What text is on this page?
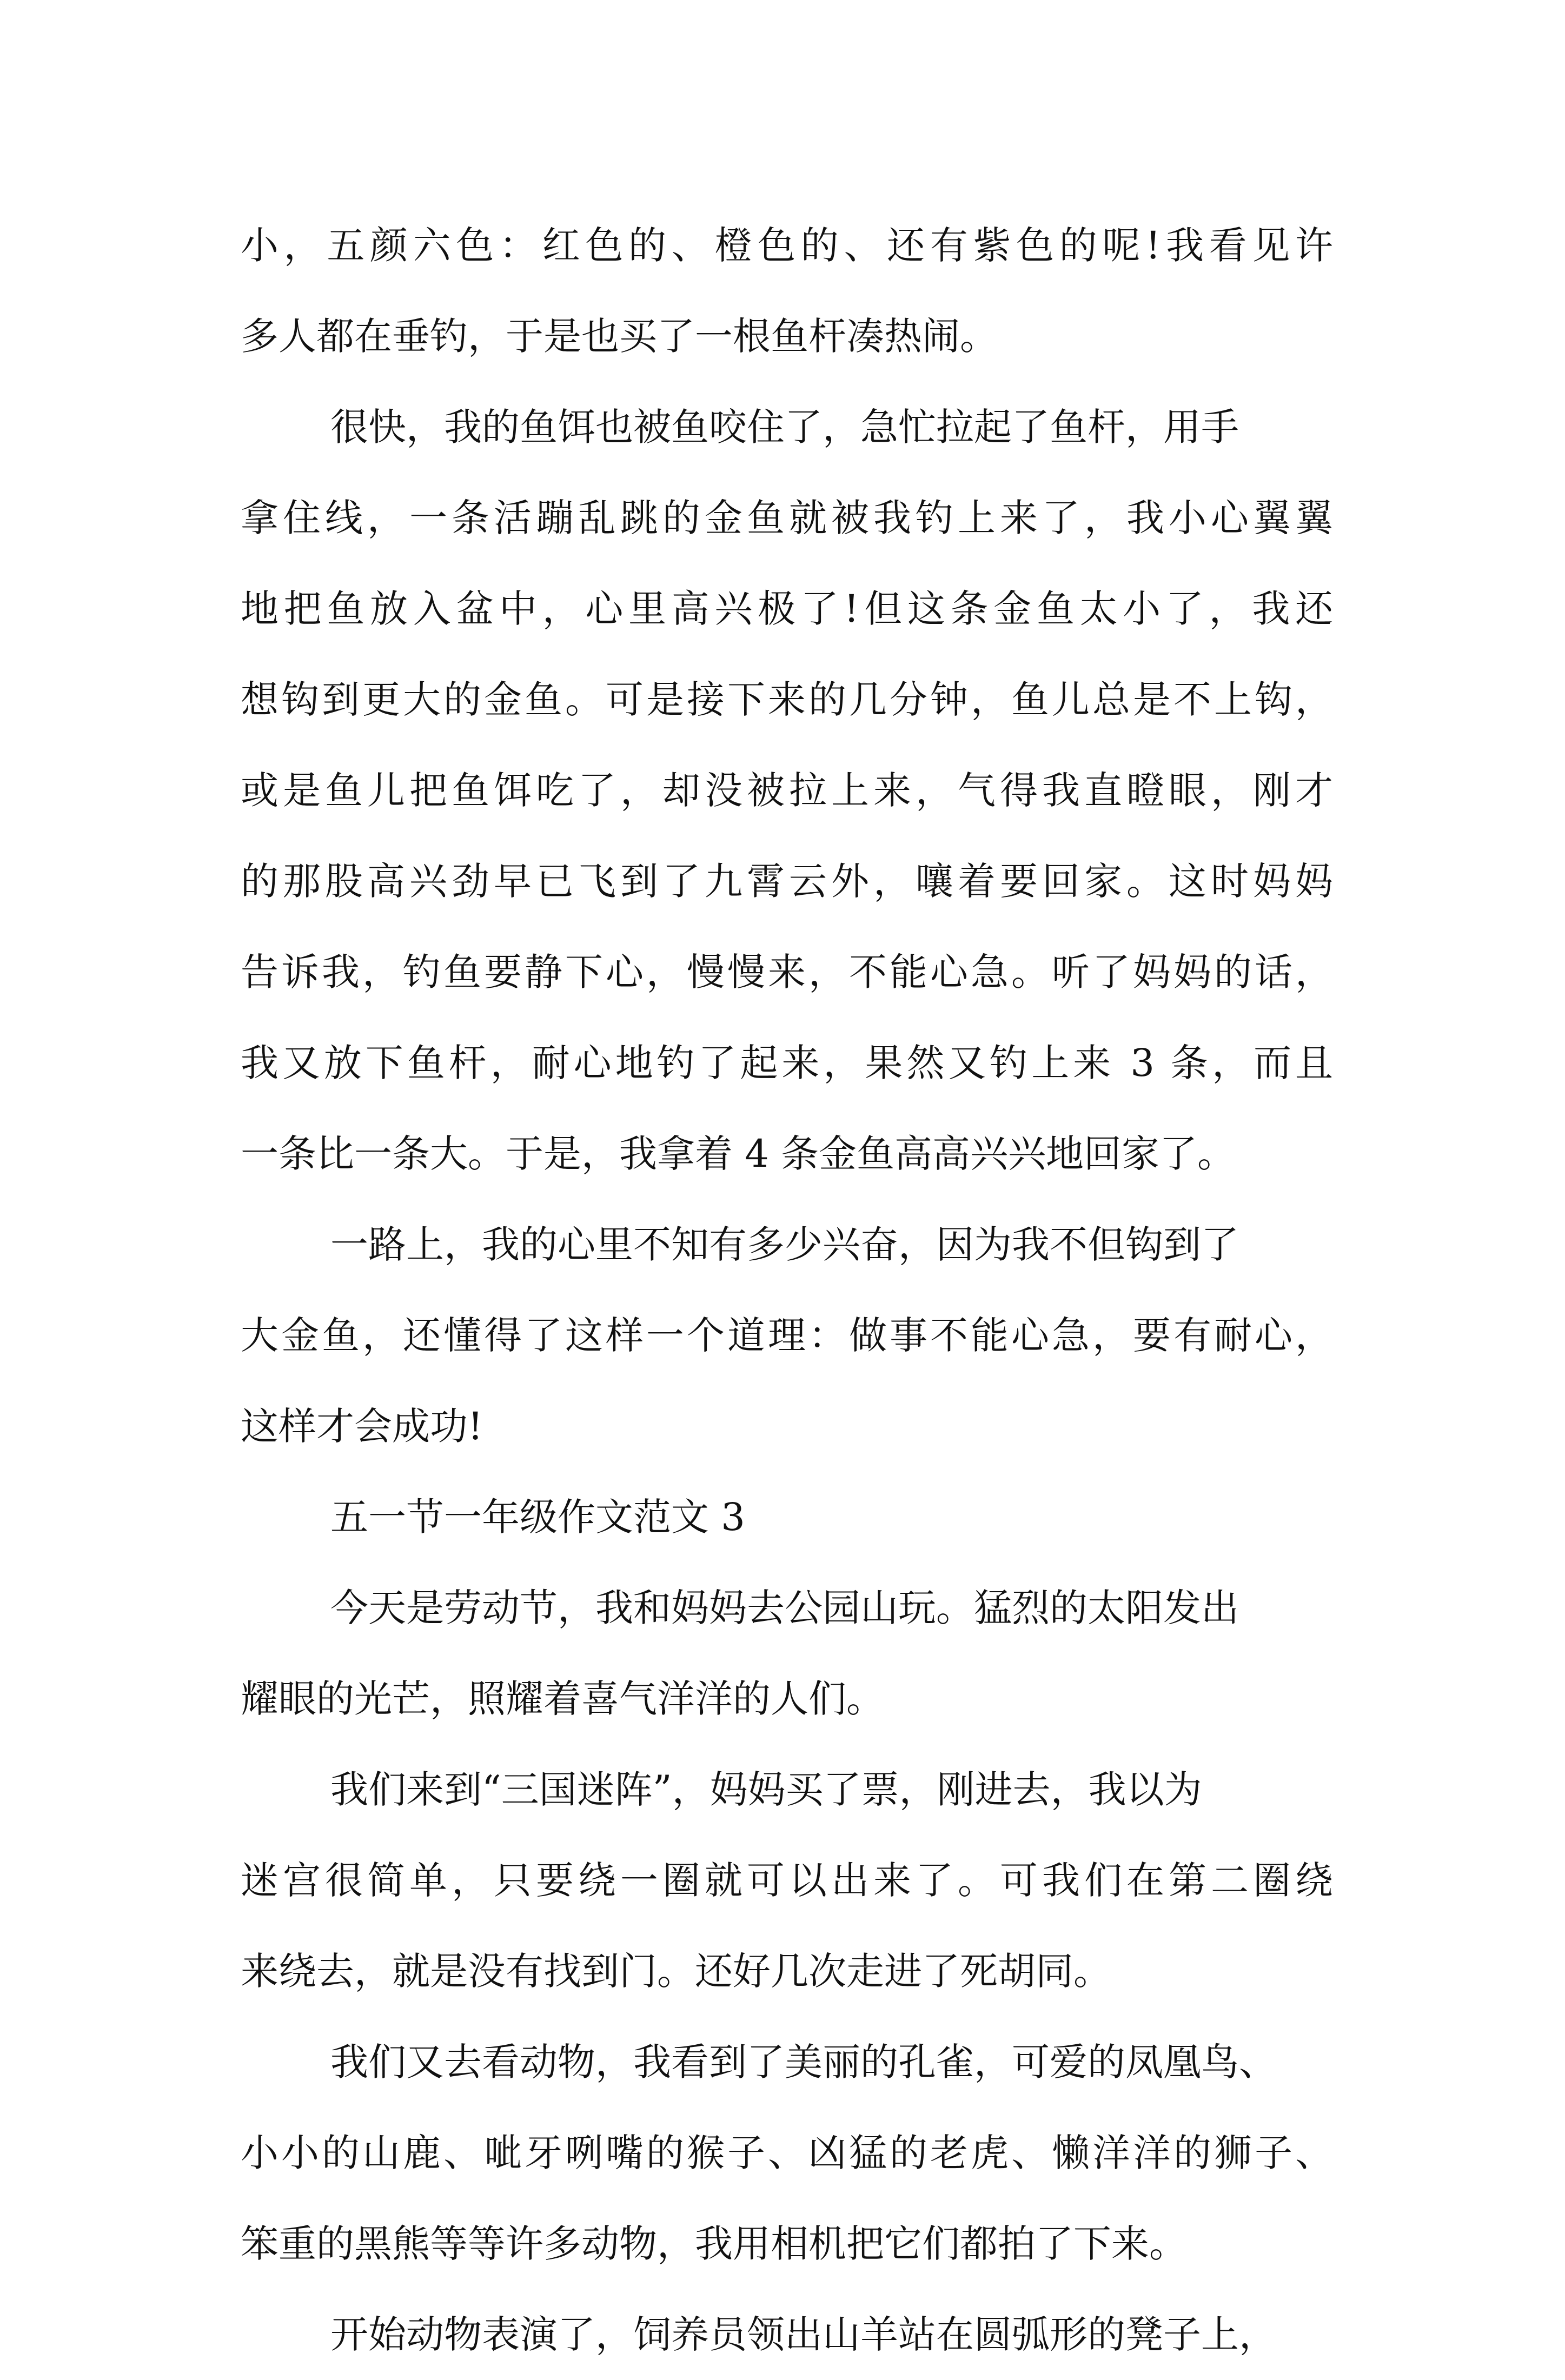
小，五颜六色：红色的、橙色的、还有紫色的呢!我看见许
多人都在垂钓，于是也买了一根鱼杆凑热闹。
很快，我的鱼饵也被鱼咬住了，急忙拉起了鱼杆，用手
拿住线，一条活蹦乱跳的金鱼就被我钓上来了，我小心翼翼
地把鱼放入盆中，心里高兴极了!但这条金鱼太小了，我还
想钩到更大的金鱼。可是接下来的几分钟，鱼儿总是不上钩，
或是鱼儿把鱼饵吃了，却没被拉上来，气得我直瞪眼，刚才
的那股高兴劲早已飞到了九霄云外，嚷着要回家。这时妈妈
告诉我，钓鱼要静下心，慢慢来，不能心急。听了妈妈的话，
我又放下鱼杆，耐心地钓了起来，果然又钓上来 3 条，而且
一条比一条大。于是，我拿着 4 条金鱼高高兴兴地回家了。
一路上，我的心里不知有多少兴奋，因为我不但钩到了
大金鱼，还懂得了这样一个道理：做事不能心急，要有耐心，
这样才会成功!
五一节一年级作文范文 3
今天是劳动节，我和妈妈去公园山玩。猛烈的太阳发出
耀眼的光芒，照耀着喜气洋洋的人们。
我们来到“三国迷阵”，妈妈买了票，刚进去，我以为
迷宫很简单，只要绕一圈就可以出来了。可我们在第二圈绕
来绕去，就是没有找到门。还好几次走进了死胡同。
我们又去看动物，我看到了美丽的孔雀，可爱的凤凰鸟、
小小的山鹿、呲牙咧嘴的猴子、凶猛的老虎、懒洋洋的狮子、
笨重的黑熊等等许多动物，我用相机把它们都拍了下来。
开始动物表演了，饲养员领出山羊站在圆弧形的凳子上，
